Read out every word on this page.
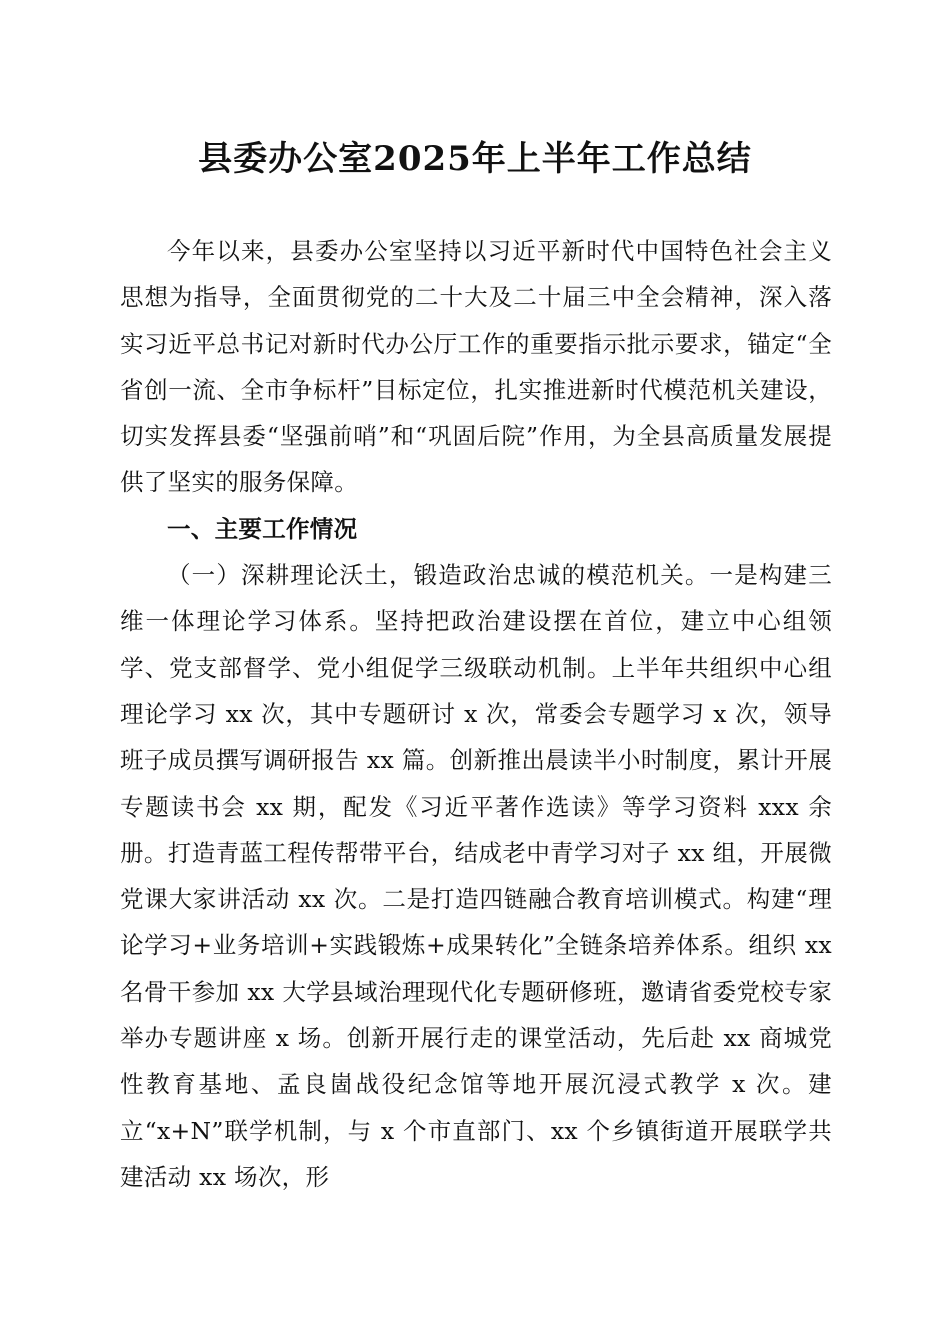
县委办公室2025年上半年工作总结

今年以来，县委办公室坚持以习近平新时代中国特色社会主义思想为指导，全面贯彻党的二十大及二十届三中全会精神，深入落实习近平总书记对新时代办公厅工作的重要指示批示要求，锚定“全省创一流、全市争标杆”目标定位，扎实推进新时代模范机关建设，切实发挥县委“坚强前哨”和“巩固后院”作用，为全县高质量发展提供了坚实的服务保障。

一、主要工作情况

（一）深耕理论沃土，锻造政治忠诚的模范机关。一是构建三维一体理论学习体系。坚持把政治建设摆在首位，建立中心组领学、党支部督学、党小组促学三级联动机制。上半年共组织中心组理论学习 xx 次，其中专题研讨 x 次，常委会专题学习 x 次，领导班子成员撰写调研报告 xx 篇。创新推出晨读半小时制度，累计开展专题读书会 xx 期，配发《习近平著作选读》等学习资料 xxx 余册。打造青蓝工程传帮带平台，结成老中青学习对子 xx 组，开展微党课大家讲活动 xx 次。二是打造四链融合教育培训模式。构建“理论学习+业务培训+实践锻炼+成果转化”全链条培养体系。组织 xx 名骨干参加 xx 大学县域治理现代化专题研修班，邀请省委党校专家举办专题讲座 x 场。创新开展行走的课堂活动，先后赴 xx 商城党性教育基地、孟良崮战役纪念馆等地开展沉浸式教学 x 次。建立“x+N”联学机制，与 x 个市直部门、xx 个乡镇街道开展联学共建活动 xx 场次，形
